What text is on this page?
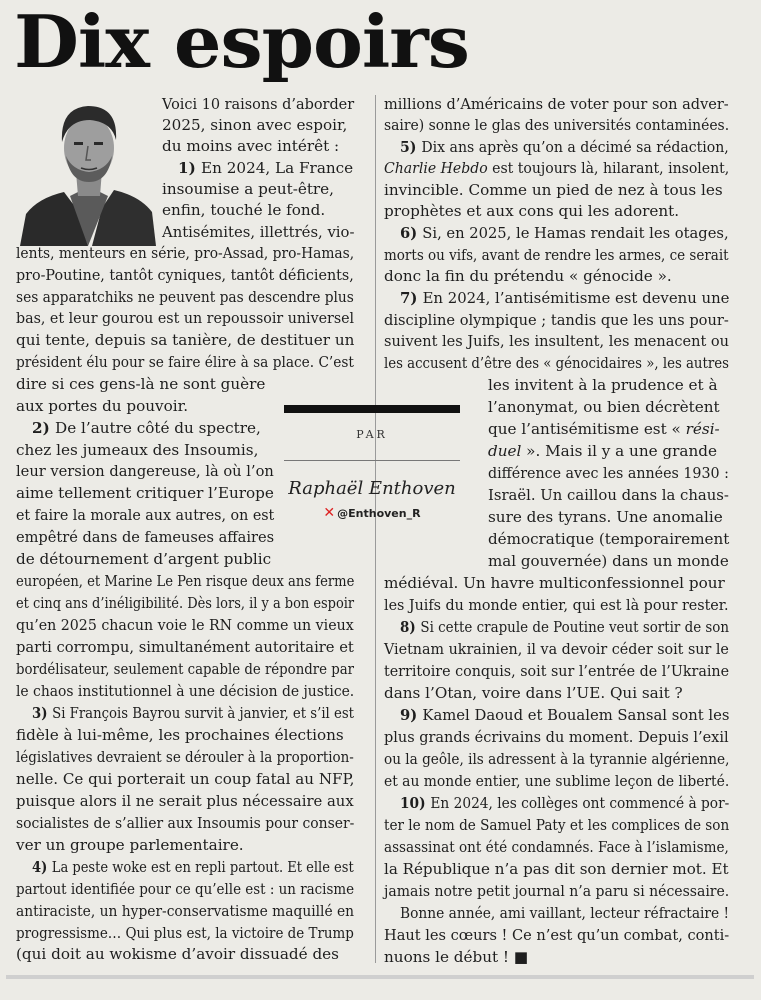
Dix espoirs
Voici 10 raisons d’aborder
2025, sinon avec espoir,
du moins avec intérêt :
1) En 2024, La France
insoumise a peut-être,
enfin, touché le fond.
Antisémites, illettrés, vio-
lents, menteurs en série, pro-Assad, pro-Hamas,
pro-Poutine, tantôt cyniques, tantôt déficients,
ses apparatchiks ne peuvent pas descendre plus
bas, et leur gourou est un repoussoir universel
qui tente, depuis sa tanière, de destituer un
président élu pour se faire élire à sa place. C’est
dire si ces gens-là ne sont guère
aux portes du pouvoir.
2) De l’autre côté du spectre,
chez les jumeaux des Insoumis,
leur version dangereuse, là où l’on
aime tellement critiquer l’Europe
et faire la morale aux autres, on est
empêtré dans de fameuses affaires
de détournement d’argent public
européen, et Marine Le Pen risque deux ans ferme
et cinq ans d’inéligibilité. Dès lors, il y a bon espoir
qu’en 2025 chacun voie le RN comme un vieux
parti corrompu, simultanément autoritaire et
bordélisateur, seulement capable de répondre par
le chaos institutionnel à une décision de justice.
3) Si François Bayrou survit à janvier, et s’il est
fidèle à lui-même, les prochaines élections
législatives devraient se dérouler à la proportion-
nelle. Ce qui porterait un coup fatal au NFP,
puisque alors il ne serait plus nécessaire aux
socialistes de s’allier aux Insoumis pour conser-
ver un groupe parlementaire.
4) La peste woke est en repli partout. Et elle est
partout identifiée pour ce qu’elle est : un racisme
antiraciste, un hyper-conservatisme maquillé en
progressisme… Qui plus est, la victoire de Trump
(qui doit au wokisme d’avoir dissuadé des
millions d’Américains de voter pour son adver-
saire) sonne le glas des universités contaminées.
5) Dix ans après qu’on a décimé sa rédaction,
Charlie Hebdo est toujours là, hilarant, insolent,
invincible. Comme un pied de nez à tous les
prophètes et aux cons qui les adorent.
6) Si, en 2025, le Hamas rendait les otages,
morts ou vifs, avant de rendre les armes, ce serait
donc la fin du prétendu « génocide ».
7) En 2024, l’antisémitisme est devenu une
discipline olympique ; tandis que les uns pour-
suivent les Juifs, les insultent, les menacent ou
les accusent d’être des « génocidaires », les autres
les invitent à la prudence et à
l’anonymat, ou bien décrètent
que l’antisémitisme est « rési-
duel ». Mais il y a une grande
différence avec les années 1930 :
Israël. Un caillou dans la chaus-
sure des tyrans. Une anomalie
démocratique (temporairement
mal gouvernée) dans un monde
médiéval. Un havre multiconfessionnel pour
les Juifs du monde entier, qui est là pour rester.
8) Si cette crapule de Poutine veut sortir de son
Vietnam ukrainien, il va devoir céder soit sur le
territoire conquis, soit sur l’entrée de l’Ukraine
dans l’Otan, voire dans l’UE. Qui sait ?
9) Kamel Daoud et Boualem Sansal sont les
plus grands écrivains du moment. Depuis l’exil
ou la geôle, ils adressent à la tyrannie algérienne,
et au monde entier, une sublime leçon de liberté.
10) En 2024, les collèges ont commencé à por-
ter le nom de Samuel Paty et les complices de son
assassinat ont été condamnés. Face à l’islamisme,
la République n’a pas dit son dernier mot. Et
jamais notre petit journal n’a paru si nécessaire.
Bonne année, ami vaillant, lecteur réfractaire !
Haut les cœurs ! Ce n’est qu’un combat, conti-
nuons le début ! ■
PAR
Raphaël Enthoven
✕ @Enthoven_R
